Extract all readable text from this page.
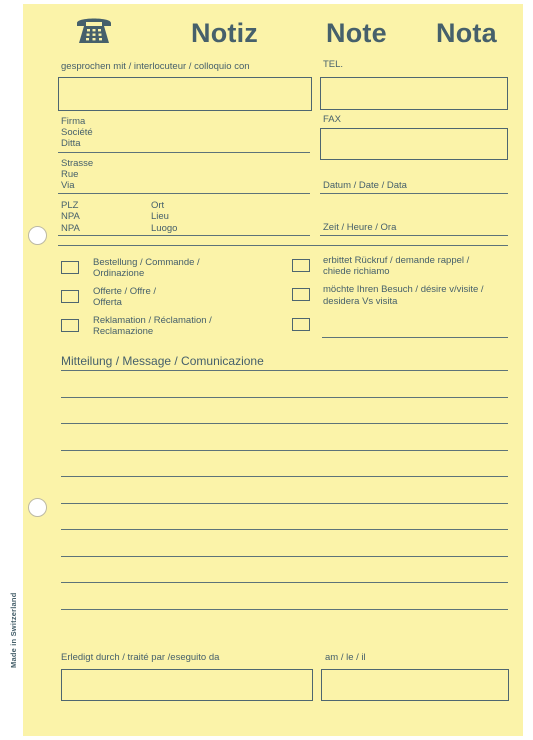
Notiz	Note Nota
gesprochen mit / interlocuteur / colloquio con	TEL.
Firma
Société
Ditta
FAX
Strasse
Rue
Via	Datum / Date / Data
PLZ
NPA
NPA
Ort
Lieu
Luogo	Zeit / Heure / Ora
Bestellung / Commande /
Ordinazione
Offerte / Offre /
Offerta
Reklamation / Réclamation /
Reclamazione
erbittet Rückruf / demande rappel /
chiede richiamo
möchte Ihren Besuch / désire v/visite /
desidera Vs visita
Mitteilung / Message / Comunicazione
Erledigt durch / traité par /eseguito da	am / le / il
Made in Switzerland
